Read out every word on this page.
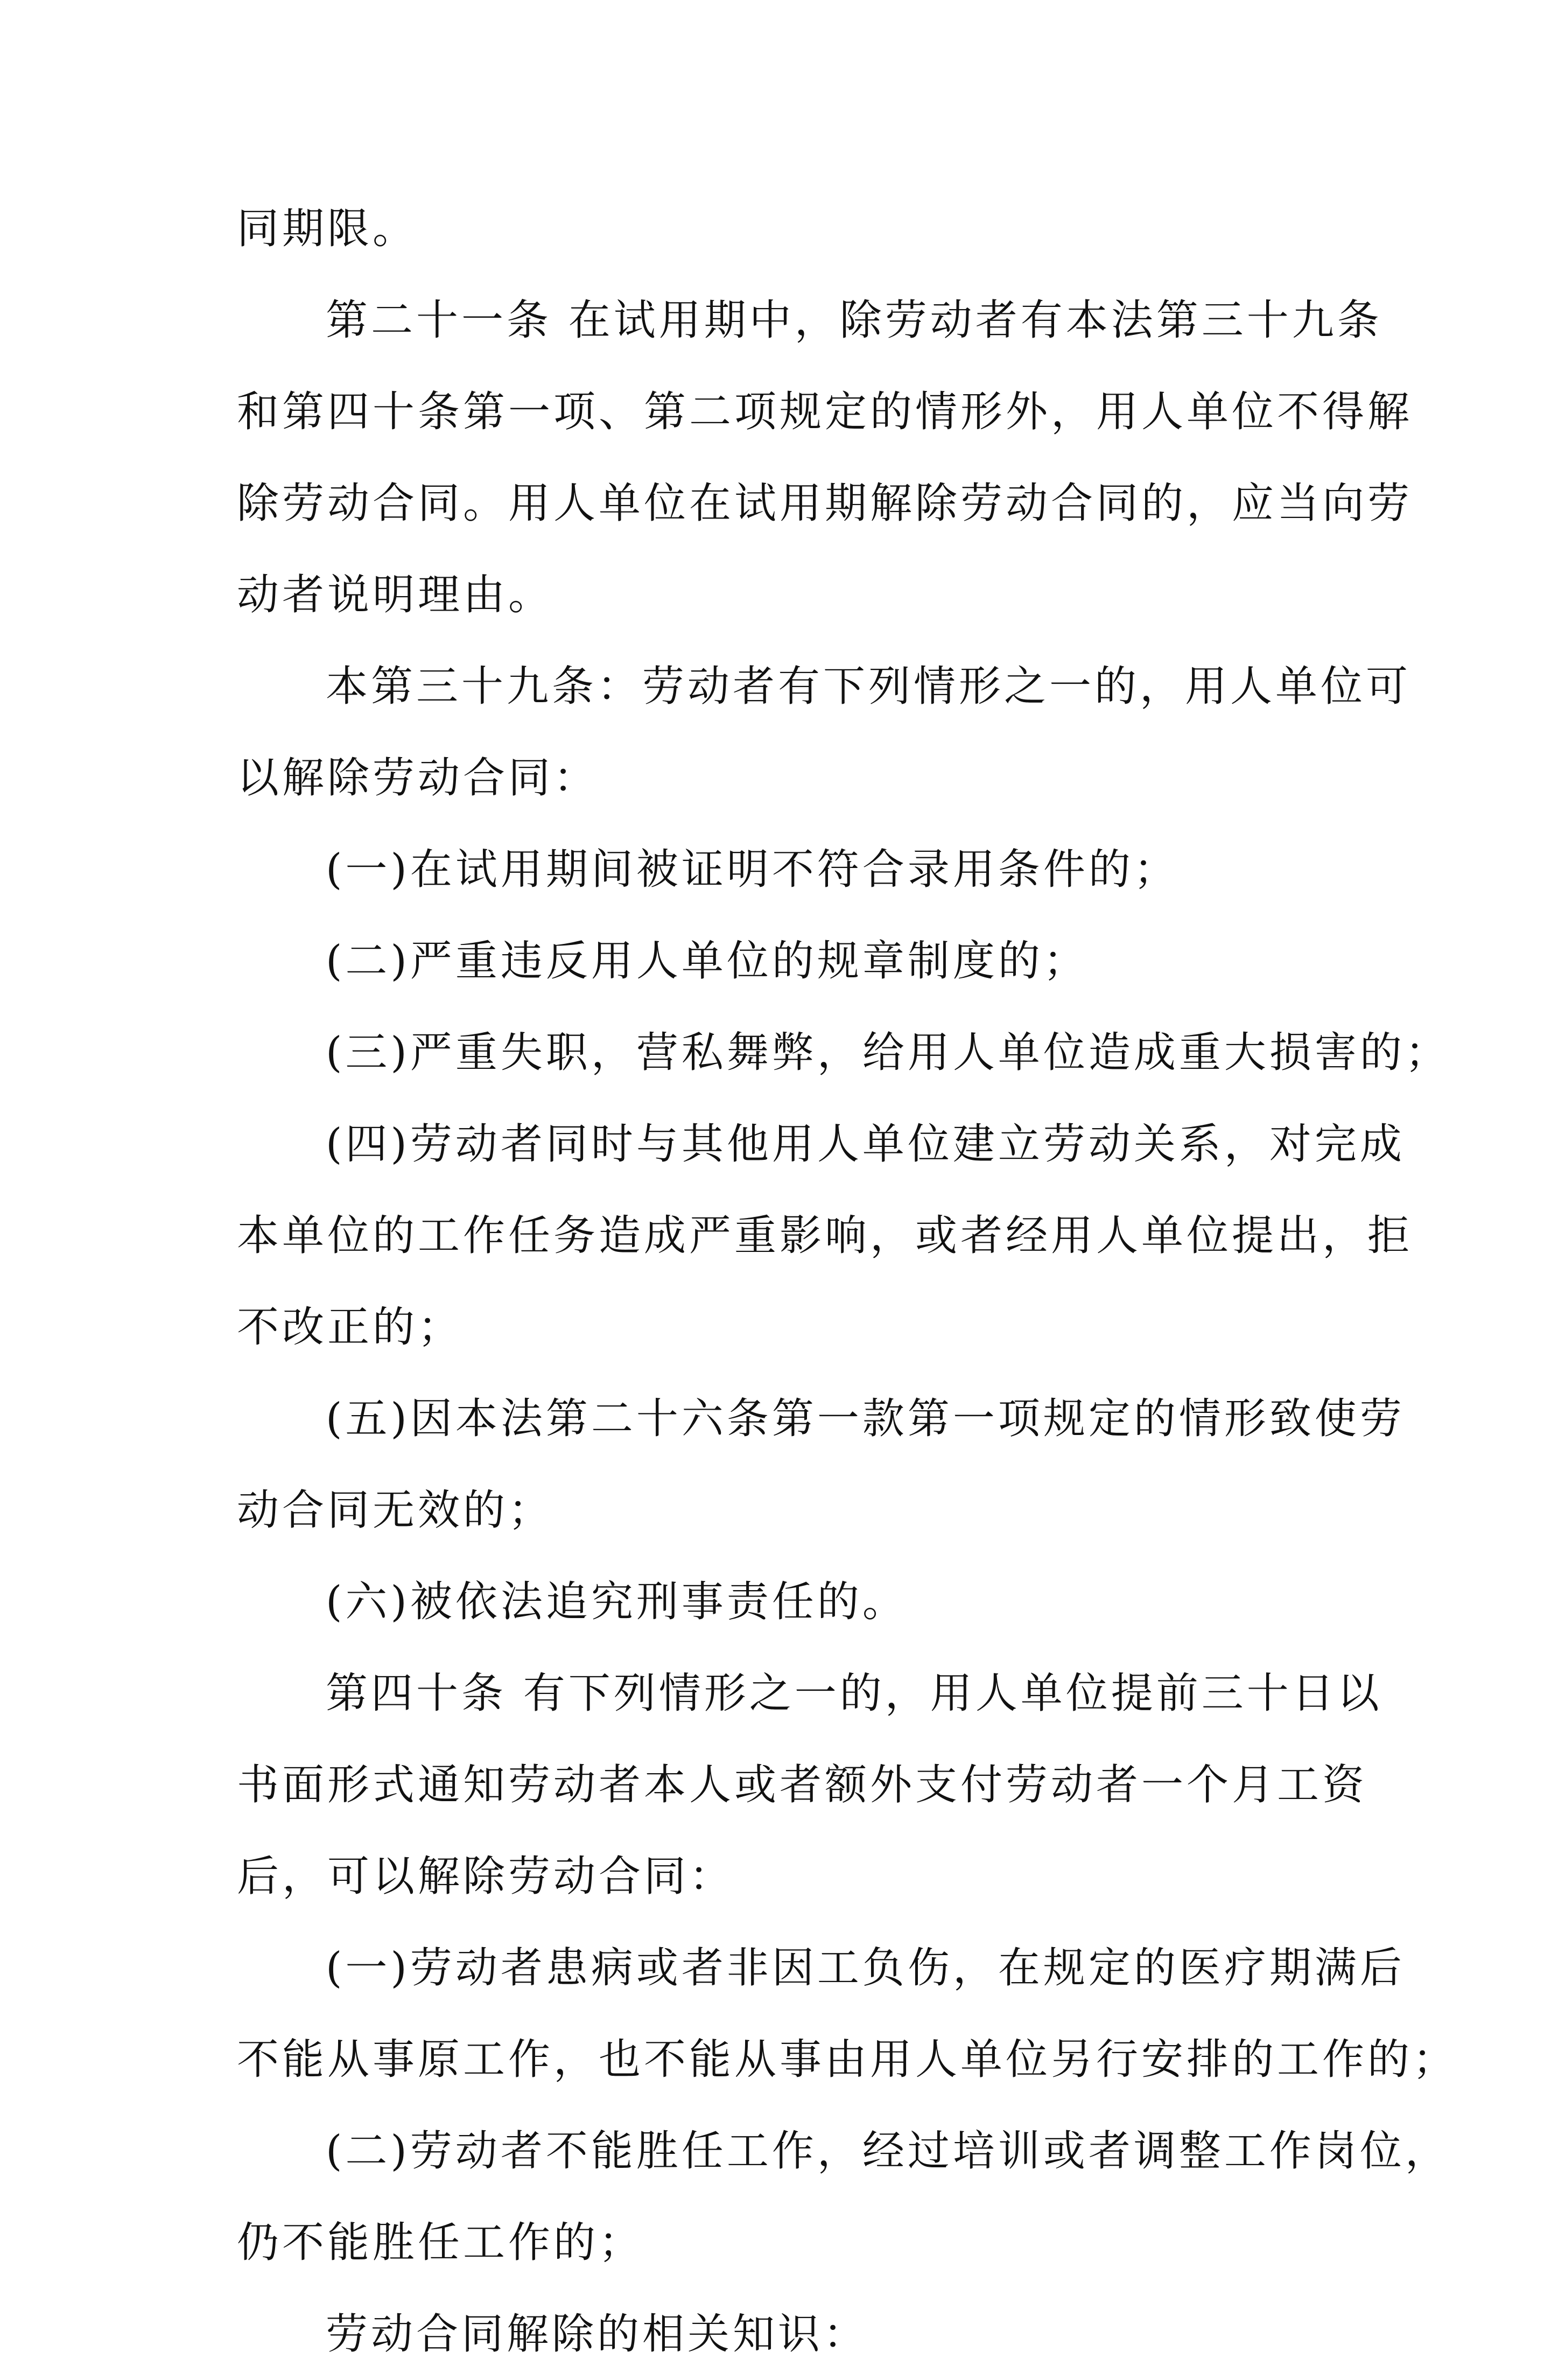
同期限。
第二十一条 在试用期中，除劳动者有本法第三十九条
和第四十条第一项、第二项规定的情形外，用人单位不得解
除劳动合同。用人单位在试用期解除劳动合同的，应当向劳
动者说明理由。
本第三十九条：劳动者有下列情形之一的，用人单位可
以解除劳动合同：
(一)在试用期间被证明不符合录用条件的；
(二)严重违反用人单位的规章制度的；
(三)严重失职，营私舞弊，给用人单位造成重大损害的；
(四)劳动者同时与其他用人单位建立劳动关系，对完成
本单位的工作任务造成严重影响，或者经用人单位提出，拒
不改正的；
(五)因本法第二十六条第一款第一项规定的情形致使劳
动合同无效的；
(六)被依法追究刑事责任的。
第四十条 有下列情形之一的，用人单位提前三十日以
书面形式通知劳动者本人或者额外支付劳动者一个月工资
后，可以解除劳动合同：
(一)劳动者患病或者非因工负伤，在规定的医疗期满后
不能从事原工作，也不能从事由用人单位另行安排的工作的；
(二)劳动者不能胜任工作，经过培训或者调整工作岗位，
仍不能胜任工作的；
劳动合同解除的相关知识：
